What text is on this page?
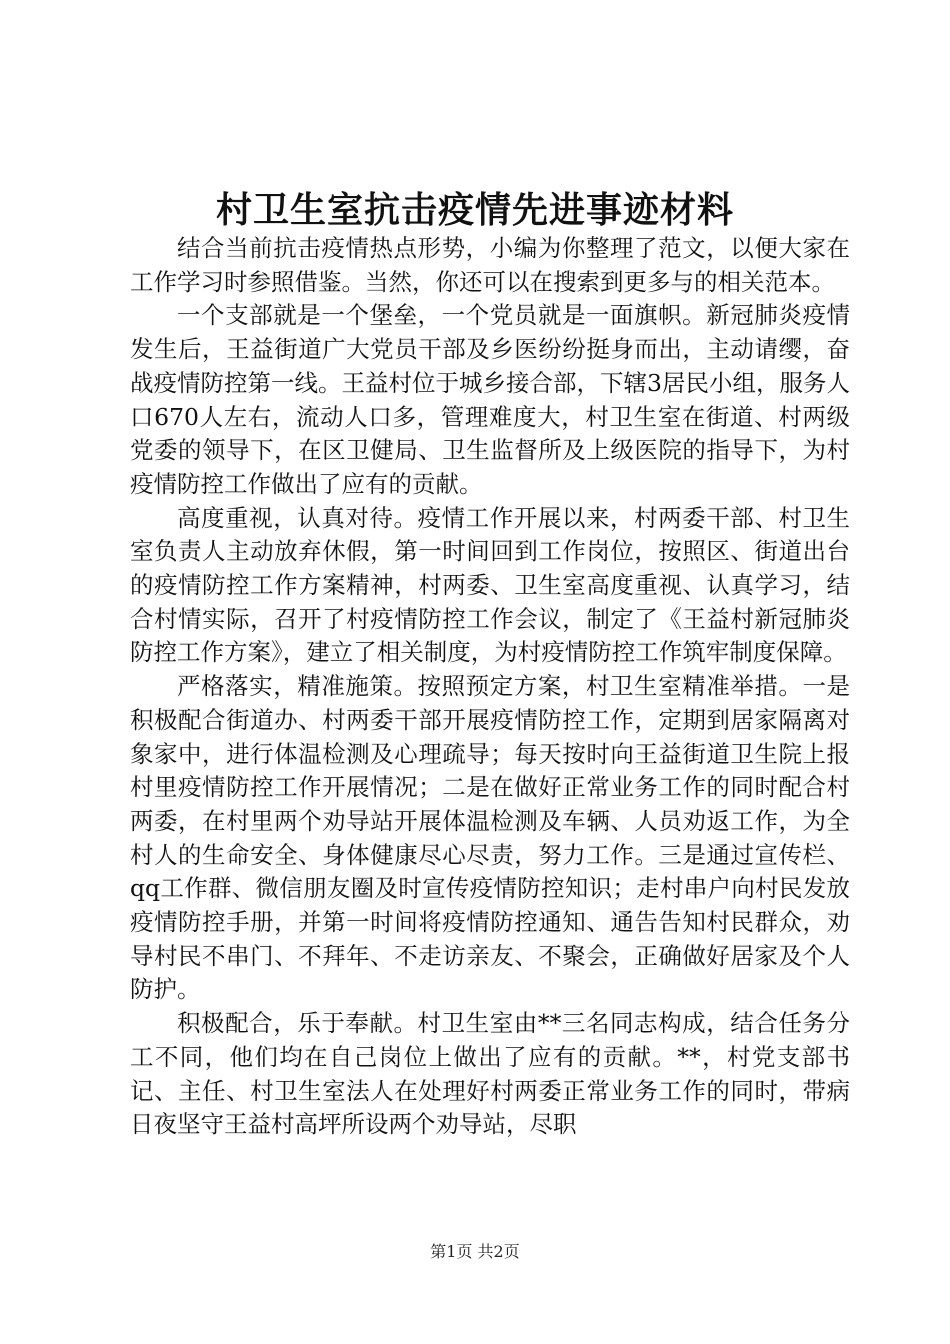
村卫生室抗击疫情先进事迹材料

结合当前抗击疫情热点形势，小编为你整理了范文，以便大家在工作学习时参照借鉴。当然，你还可以在搜索到更多与的相关范本。

一个支部就是一个堡垒，一个党员就是一面旗帜。新冠肺炎疫情发生后，王益街道广大党员干部及乡医纷纷挺身而出，主动请缨，奋战疫情防控第一线。王益村位于城乡接合部，下辖3居民小组，服务人口670人左右，流动人口多，管理难度大，村卫生室在街道、村两级党委的领导下，在区卫健局、卫生监督所及上级医院的指导下，为村疫情防控工作做出了应有的贡献。

高度重视，认真对待。疫情工作开展以来，村两委干部、村卫生室负责人主动放弃休假，第一时间回到工作岗位，按照区、街道出台的疫情防控工作方案精神，村两委、卫生室高度重视、认真学习，结合村情实际，召开了村疫情防控工作会议，制定了《王益村新冠肺炎防控工作方案》，建立了相关制度，为村疫情防控工作筑牢制度保障。

严格落实，精准施策。按照预定方案，村卫生室精准举措。一是积极配合街道办、村两委干部开展疫情防控工作，定期到居家隔离对象家中，进行体温检测及心理疏导；每天按时向王益街道卫生院上报村里疫情防控工作开展情况；二是在做好正常业务工作的同时配合村两委，在村里两个劝导站开展体温检测及车辆、人员劝返工作，为全村人的生命安全、身体健康尽心尽责，努力工作。三是通过宣传栏、qq工作群、微信朋友圈及时宣传疫情防控知识；走村串户向村民发放疫情防控手册，并第一时间将疫情防控通知、通告告知村民群众，劝导村民不串门、不拜年、不走访亲友、不聚会，正确做好居家及个人防护。

积极配合，乐于奉献。村卫生室由**三名同志构成，结合任务分工不同，他们均在自己岗位上做出了应有的贡献。**，村党支部书记、主任、村卫生室法人在处理好村两委正常业务工作的同时，带病日夜坚守王益村高坪所设两个劝导站，尽职

第1页 共2页
